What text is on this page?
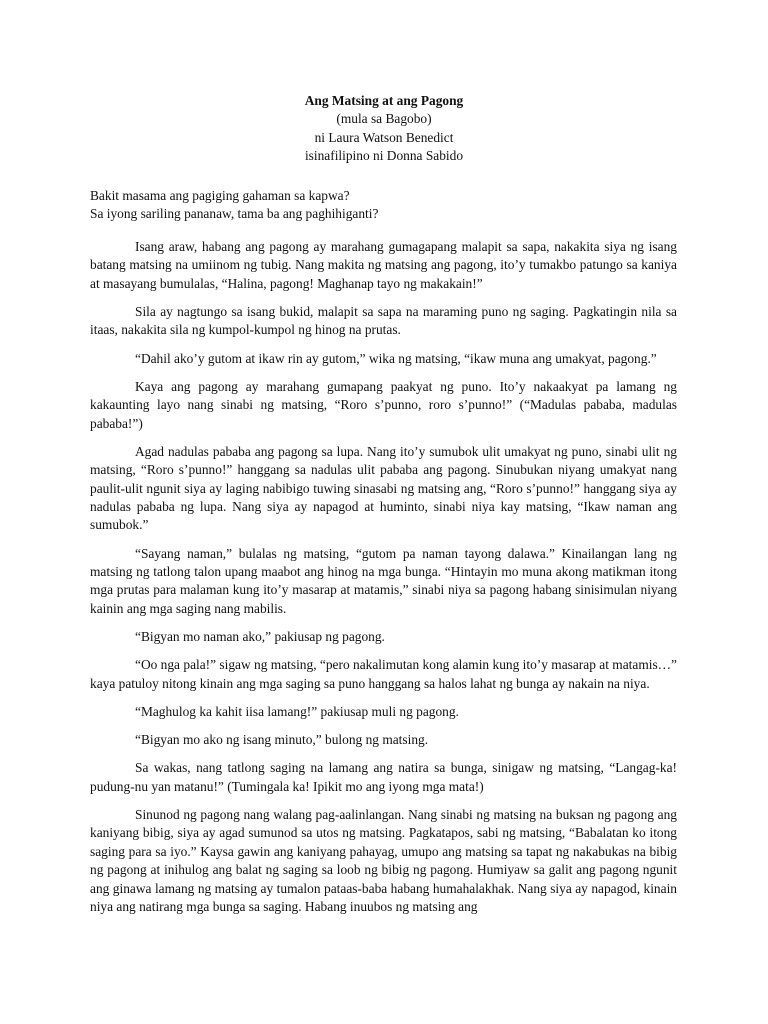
Ang Matsing at ang Pagong
(mula sa Bagobo)
ni Laura Watson Benedict
isinafilipino ni Donna Sabido
Bakit masama ang pagiging gahaman sa kapwa?
Sa iyong sariling pananaw, tama ba ang paghihiganti?

Isang araw, habang ang pagong ay marahang gumagapang malapit sa sapa, nakakita siya ng isang batang matsing na umiinom ng tubig. Nang makita ng matsing ang pagong, ito’y tumakbo patungo sa kaniya at masayang bumulalas, “Halina, pagong! Maghanap tayo ng makakain!”

Sila ay nagtungo sa isang bukid, malapit sa sapa na maraming puno ng saging. Pagkatingin nila sa itaas, nakakita sila ng kumpol-kumpol ng hinog na prutas.

“Dahil ako’y gutom at ikaw rin ay gutom,” wika ng matsing, “ikaw muna ang umakyat, pagong.”

Kaya ang pagong ay marahang gumapang paakyat ng puno. Ito’y nakaakyat pa lamang ng kakaunting layo nang sinabi ng matsing, “Roro s’punno, roro s’punno!” (“Madulas pababa, madulas pababa!”)

Agad nadulas pababa ang pagong sa lupa. Nang ito’y sumubok ulit umakyat ng puno, sinabi ulit ng matsing, “Roro s’punno!” hanggang sa nadulas ulit pababa ang pagong. Sinubukan niyang umakyat nang paulit-ulit ngunit siya ay laging nabibigo tuwing sinasabi ng matsing ang, “Roro s’punno!” hanggang siya ay nadulas pababa ng lupa. Nang siya ay napagod at huminto, sinabi niya kay matsing, “Ikaw naman ang sumubok.”

“Sayang naman,” bulalas ng matsing, “gutom pa naman tayong dalawa.” Kinailangan lang ng matsing ng tatlong talon upang maabot ang hinog na mga bunga. “Hintayin mo muna akong matikman itong mga prutas para malaman kung ito’y masarap at matamis,” sinabi niya sa pagong habang sinisimulan niyang kainin ang mga saging nang mabilis.

“Bigyan mo naman ako,” pakiusap ng pagong.

“Oo nga pala!” sigaw ng matsing, “pero nakalimutan kong alamin kung ito’y masarap at matamis…” kaya patuloy nitong kinain ang mga saging sa puno hanggang sa halos lahat ng bunga ay nakain na niya.

“Maghulog ka kahit iisa lamang!” pakiusap muli ng pagong.

“Bigyan mo ako ng isang minuto,” bulong ng matsing.

Sa wakas, nang tatlong saging na lamang ang natira sa bunga, sinigaw ng matsing, “Langag-ka! pudung-nu yan matanu!” (Tumingala ka! Ipikit mo ang iyong mga mata!)

Sinunod ng pagong nang walang pag-aalinlangan. Nang sinabi ng matsing na buksan ng pagong ang kaniyang bibig, siya ay agad sumunod sa utos ng matsing. Pagkatapos, sabi ng matsing, “Babalatan ko itong saging para sa iyo.” Kaysa gawin ang kaniyang pahayag, umupo ang matsing sa tapat ng nakabukas na bibig ng pagong at inihulog ang balat ng saging sa loob ng bibig ng pagong. Humiyaw sa galit ang pagong ngunit ang ginawa lamang ng matsing ay tumalon pataas-baba habang humahalakhak. Nang siya ay napagod, kinain niya ang natirang mga bunga sa saging. Habang inuubos ng matsing ang
